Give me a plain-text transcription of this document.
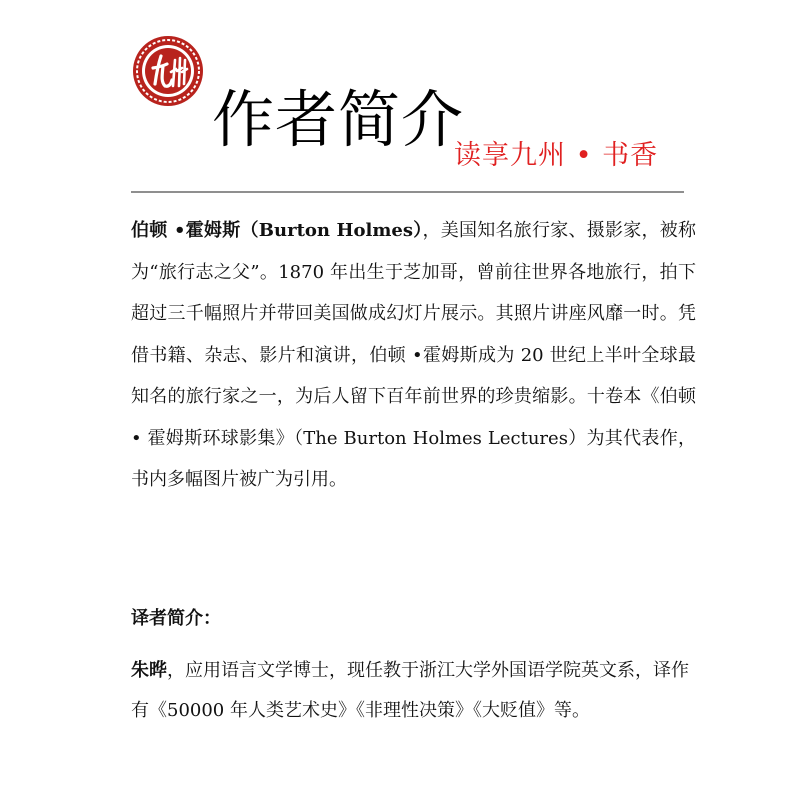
作者简介
读享九州 • 书香

伯顿 •霍姆斯（Burton Holmes），美国知名旅行家、摄影家，被称为“旅行志之父”。1870 年出生于芝加哥，曾前往世界各地旅行，拍下超过三千幅照片并带回美国做成幻灯片展示。其照片讲座风靡一时。凭借书籍、杂志、影片和演讲，伯顿 •霍姆斯成为 20 世纪上半叶全球最知名的旅行家之一，为后人留下百年前世界的珍贵缩影。十卷本《伯顿 • 霍姆斯环球影集》（The Burton Holmes Lectures）为其代表作，书内多幅图片被广为引用。

译者简介：

朱晔，应用语言文学博士，现任教于浙江大学外国语学院英文系，译作有《50000 年人类艺术史》《非理性决策》《大贬值》等。
